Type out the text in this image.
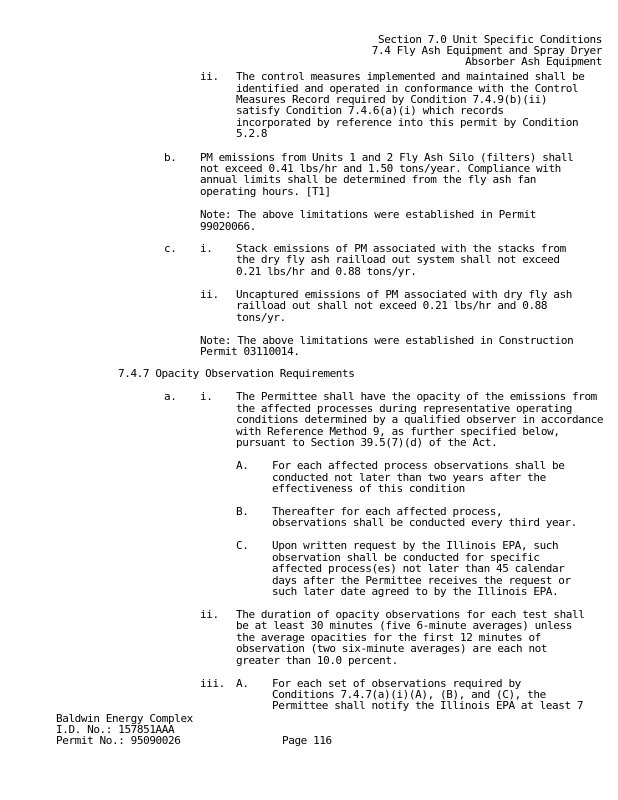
Section 7.0 Unit Specific Conditions
7.4 Fly Ash Equipment and Spray Dryer
Absorber Ash Equipment
ii. The control measures implemented and maintained shall be
identified and operated in conformance with the Control
Measures Record required by Condition 7.4.9(b)(ii)
satisfy Condition 7.4.6(a)(i) which records
incorporated by reference into this permit by Condition
5.2.8
b. PM emissions from Units 1 and 2 Fly Ash Silo (filters) shall
not exceed 0.41 lbs/hr and 1.50 tons/year. Compliance with
annual limits shall be determined from the fly ash fan
operating hours. [T1]
Note: The above limitations were established in Permit
99020066.
c. i. Stack emissions of PM associated with the stacks from
the dry fly ash railload out system shall not exceed
0.21 lbs/hr and 0.88 tons/yr.
ii. Uncaptured emissions of PM associated with dry fly ash
railload out shall not exceed 0.21 lbs/hr and 0.88
tons/yr.
Note: The above limitations were established in Construction
Permit 03110014.
7.4.7 Opacity Observation Requirements
a. i. The Permittee shall have the opacity of the emissions from
the affected processes during representative operating
conditions determined by a qualified observer in accordance
with Reference Method 9, as further specified below,
pursuant to Section 39.5(7)(d) of the Act.
A. For each affected process observations shall be
conducted not later than two years after the
effectiveness of this condition
B. Thereafter for each affected process,
observations shall be conducted every third year.
C. Upon written request by the Illinois EPA, such
observation shall be conducted for specific
affected process(es) not later than 45 calendar
days after the Permittee receives the request or
such later date agreed to by the Illinois EPA.
ii. The duration of opacity observations for each test shall
be at least 30 minutes (five 6-minute averages) unless
the average opacities for the first 12 minutes of
observation (two six-minute averages) are each not
greater than 10.0 percent.
iii. A. For each set of observations required by
Conditions 7.4.7(a)(i)(A), (B), and (C), the
Permittee shall notify the Illinois EPA at least 7
Baldwin Energy Complex
I.D. No.: 157851AAA
Permit No.: 95090026	Page 116
